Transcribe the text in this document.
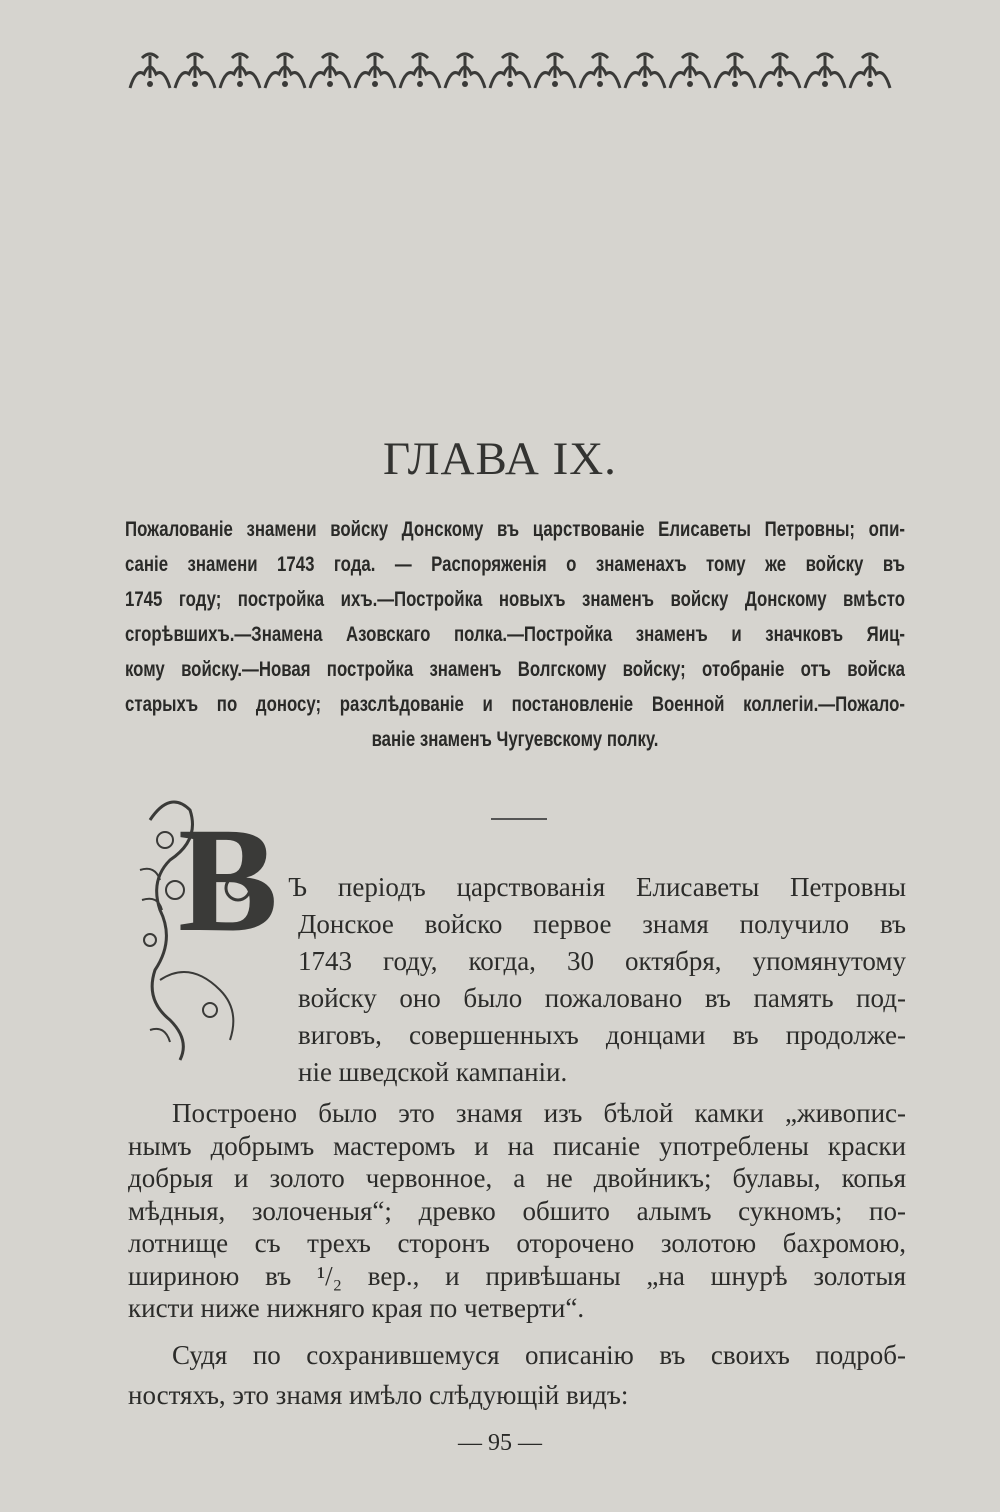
ГЛАВА IX.
Пожалованіе знамени войску Донскому въ царствованіе Елисаветы Петровны; опи-
саніе знамени 1743 года. — Распоряженія о знаменахъ тому же войску въ
1745 году; постройка ихъ.—Постройка новыхъ знаменъ войску Донскому вмѣсто
сгорѣвшихъ.—Знамена Азовскаго полка.—Постройка знаменъ и значковъ Яиц-
кому войску.—Новая постройка знаменъ Волгскому войску; отобраніе отъ войска
старыхъ по доносу; разслѣдованіе и постановленіе Военной коллегіи.—Пожало-
ваніе знаменъ Чугуевскому полку.
В Ъ періодъ царствованія Елисаветы Петровны
Донское войско первое знамя получило въ
1743 году, когда, 30 октября, упомянутому
войску оно было пожаловано въ память под-
виговъ, совершенныхъ донцами въ продолже-
ніе шведской кампаніи.
Построено было это знамя изъ бѣлой камки „живопис-
нымъ добрымъ мастеромъ и на писаніе употреблены краски
добрыя и золото червонное, а не двойникъ; булавы, копья
мѣдныя, золоченыя“; древко обшито алымъ сукномъ; по-
лотнище съ трехъ сторонъ оторочено золотою бахромою,
шириною въ ¹/₂ вер., и привѣшаны „на шнурѣ золотыя
кисти ниже нижняго края по четверти“.
Судя по сохранившемуся описанію въ своихъ подроб-
ностяхъ, это знамя имѣло слѣдующій видъ:
— 95 —
